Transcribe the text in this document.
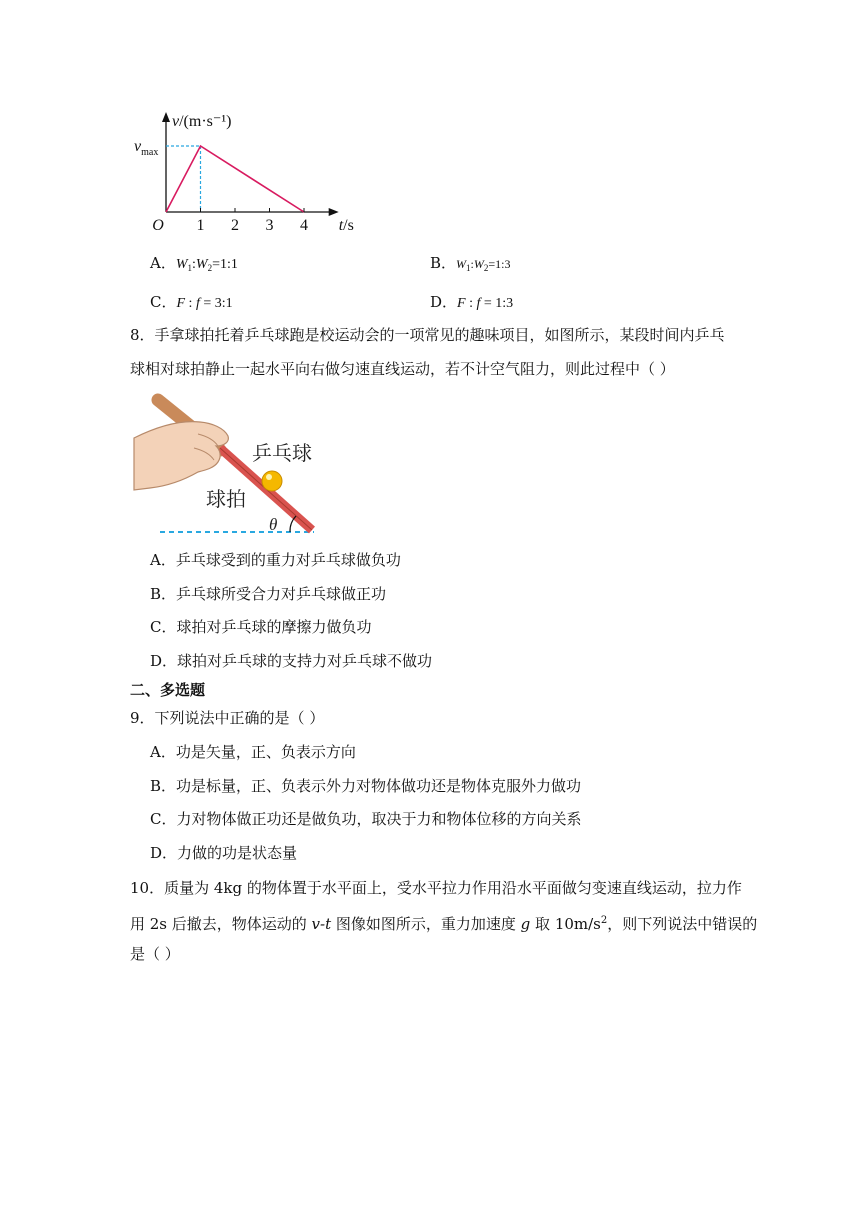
1 2 3 4
O	t/s
v/(m·s⁻¹)
$v_{max}$
A．$W_1:W_2=1:1$	B．$W_1:W_2=1:3$
C．F : f = 3:1	D．F : f = 1:3
8．手拿球拍托着乒乓球跑是校运动会的一项常见的趣味项目，如图所示，某段时间内乒乓
球相对球拍静止一起水平向右做匀速直线运动，若不计空气阻力，则此过程中（ ）
乒乓球
球拍
θ
A．乒乓球受到的重力对乒乓球做负功
B．乒乓球所受合力对乒乓球做正功
C．球拍对乒乓球的摩擦力做负功
D．球拍对乒乓球的支持力对乒乓球不做功
二、多选题
9．下列说法中正确的是（ ）
A．功是矢量，正、负表示方向
B．功是标量，正、负表示外力对物体做功还是物体克服外力做功
C．力对物体做正功还是做负功，取决于力和物体位移的方向关系
D．力做的功是状态量
10．质量为 4kg 的物体置于水平面上，受水平拉力作用沿水平面做匀变速直线运动，拉力作
用 2s 后撤去，物体运动的 v-t 图像如图所示，重力加速度 g 取 $10m/s^2$，则下列说法中错误的
是（ ）
